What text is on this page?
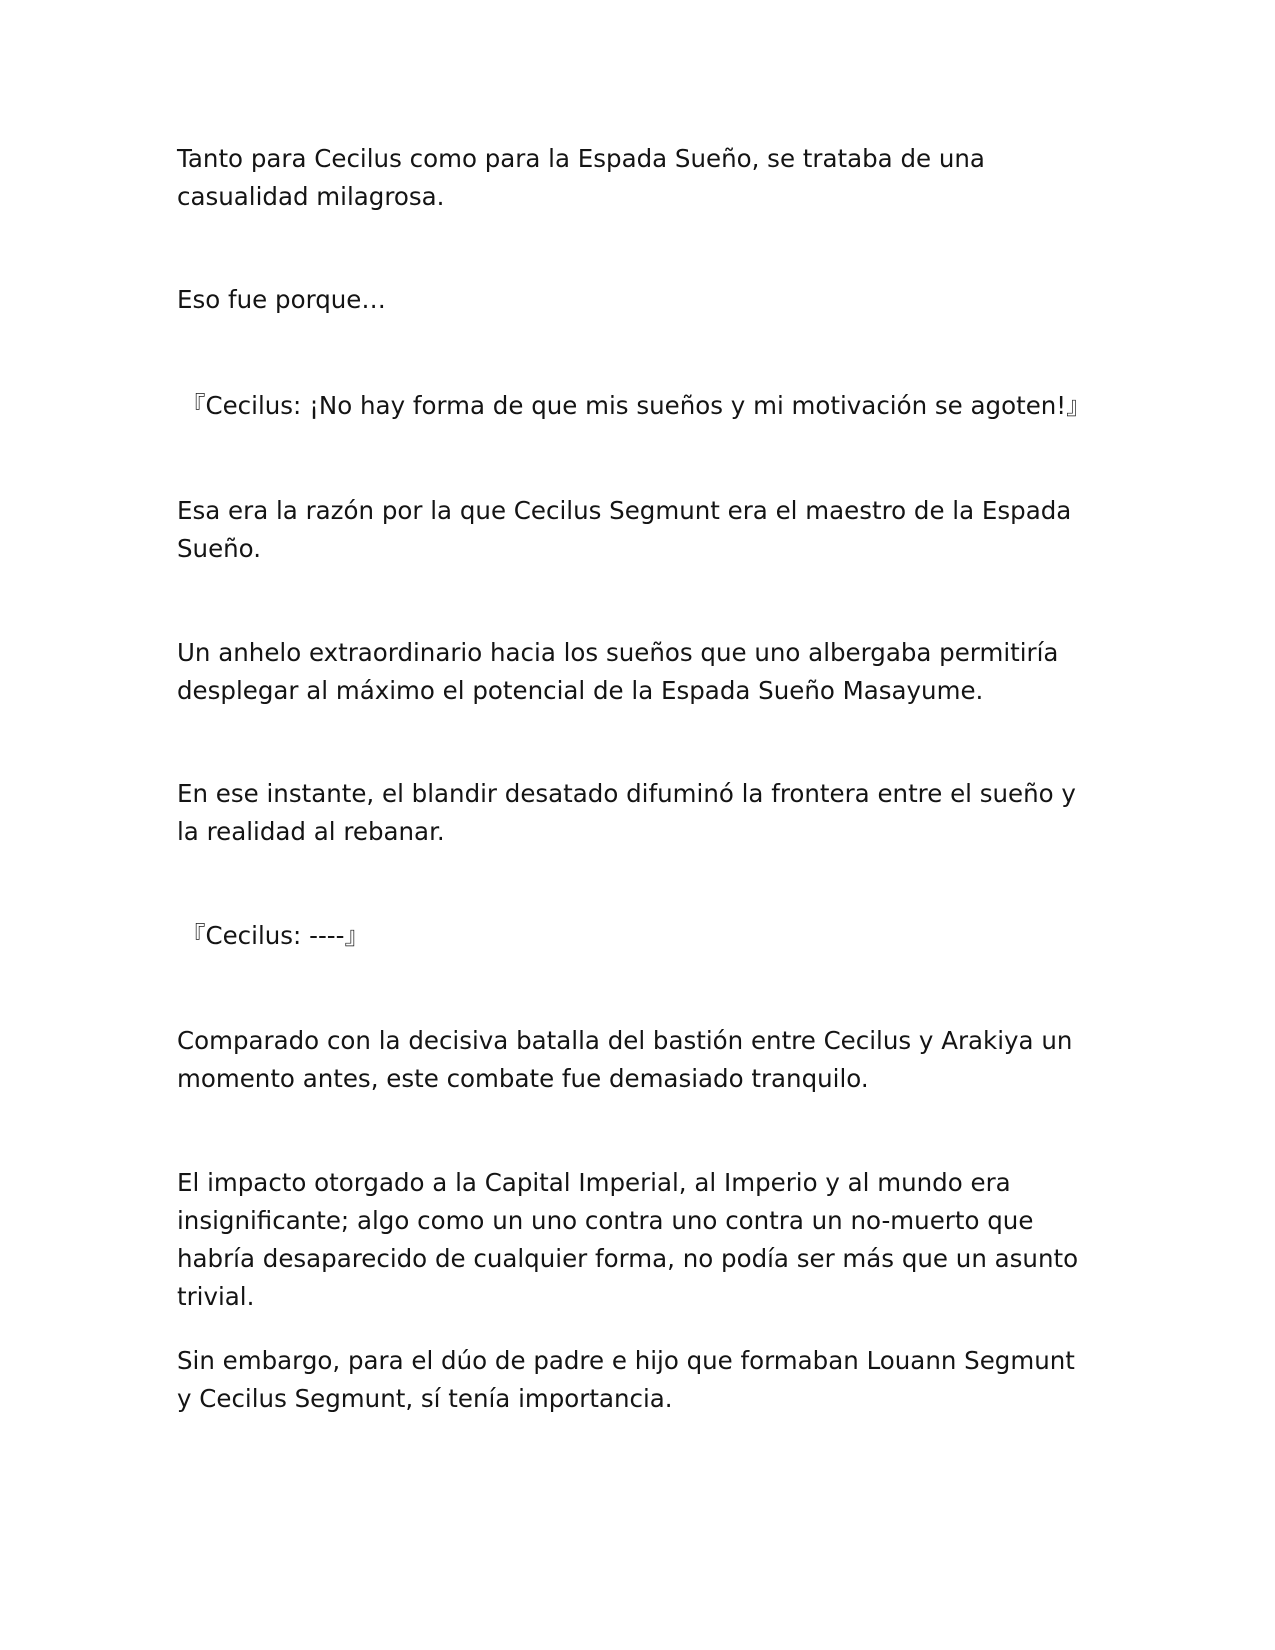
Tanto para Cecilus como para la Espada Sueño, se trataba de una casualidad milagrosa.

Eso fue porque…

『Cecilus: ¡No hay forma de que mis sueños y mi motivación se agoten!』

Esa era la razón por la que Cecilus Segmunt era el maestro de la Espada Sueño.

Un anhelo extraordinario hacia los sueños que uno albergaba permitiría desplegar al máximo el potencial de la Espada Sueño Masayume.

En ese instante, el blandir desatado difuminó la frontera entre el sueño y la realidad al rebanar.

『Cecilus: ----』

Comparado con la decisiva batalla del bastión entre Cecilus y Arakiya un momento antes, este combate fue demasiado tranquilo.

El impacto otorgado a la Capital Imperial, al Imperio y al mundo era insignificante; algo como un uno contra uno contra un no-muerto que habría desaparecido de cualquier forma, no podía ser más que un asunto trivial.

Sin embargo, para el dúo de padre e hijo que formaban Louann Segmunt y Cecilus Segmunt, sí tenía importancia.
